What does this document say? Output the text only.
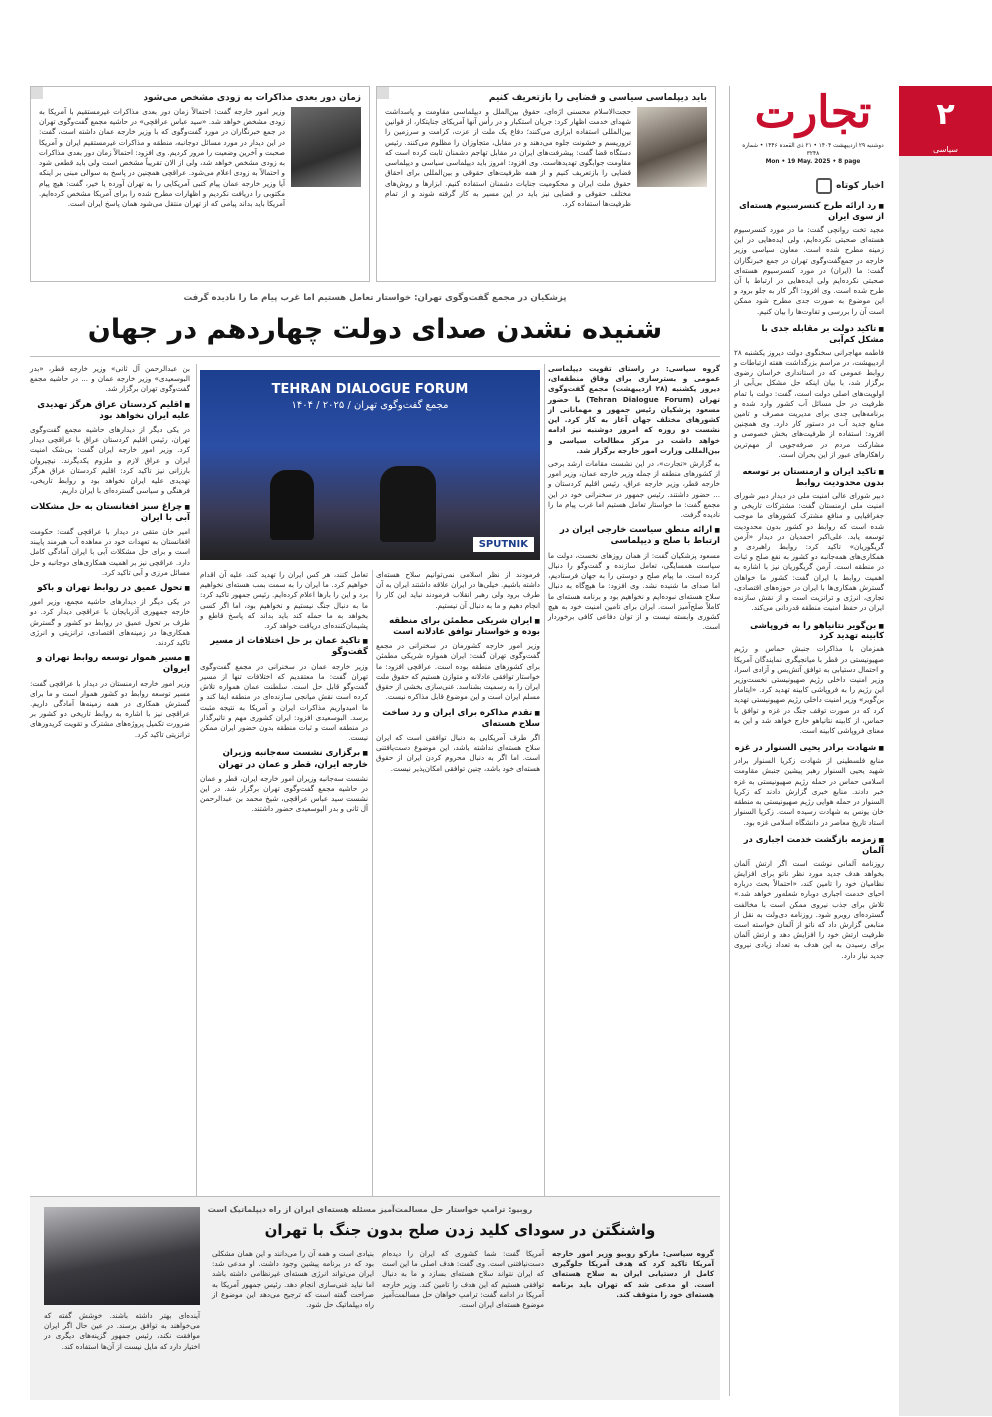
۲
سیاسی
تجارت
دوشنبه ۲۹ اردیبهشت ۱۴۰۴ • ۲۱ ذی القعده ۱۴۴۶ • شماره ۳۲۴۸
Mon • 19 May. 2025 • 8 page
اخبار کوتاه
■ رد ارائه طرح کنسرسیوم هسته‌ای از سوی ایران
مجید تخت روانچی گفت: ما در مورد کنسرسیوم هسته‌ای صحبتی نکرده‌ایم، ولی ایده‌هایی در این زمینه مطرح شده است. معاون سیاسی وزیر خارجه در جمع‌گفت‌وگوی تهران در جمع خبرنگاران گفت: ما (ایران) در مورد کنسرسیوم هسته‌ای صحبتی نکرده‌ایم ولی ایده‌هایی در ارتباط با آن طرح شده است. وی افزود: اگر کار به جلو برود و این موضوع به صورت جدی مطرح شود ممکن است آن را بررسی و تفاوت‌ها را بیان کنیم.
■ تاکید دولت بر مقابله جدی با مشکل کم‌آبی
فاطمه مهاجرانی سخنگوی دولت دیروز یکشنبه ۲۸ اردیبهشت، در مراسم بزرگداشت هفته ارتباطات و روابط عمومی که در استانداری خراسان رضوی برگزار شد، با بیان اینکه حل مشکل بی‌آبی از اولویت‌های اصلی دولت است، گفت: دولت با تمام ظرفیت در حل مسائل آب کشور وارد شده و برنامه‌هایی جدی برای مدیریت مصرف و تامین منابع جدید آب در دستور کار دارد. وی همچنین افزود: استفاده از ظرفیت‌های بخش خصوصی و مشارکت مردم در صرفه‌جویی از مهم‌ترین راهکارهای عبور از این بحران است.
■ تاکید ایران و ارمنستان بر توسعه بدون محدودیت روابط
دبیر شورای عالی امنیت ملی در دیدار دبیر شورای امنیت ملی ارمنستان گفت: مشترکات تاریخی و جغرافیایی و منافع مشترک کشورهای ما موجب شده است که روابط دو کشور بدون محدودیت توسعه یابد. علی‌اکبر احمدیان در دیدار «آرمن گریگوریان» تاکید کرد: روابط راهبردی و همکاری‌های همه‌جانبه دو کشور به نفع صلح و ثبات در منطقه است. آرمن گریگوریان نیز با اشاره به اهمیت روابط با ایران گفت: کشور ما خواهان گسترش همکاری‌ها با ایران در حوزه‌های اقتصادی، تجاری، انرژی و ترانزیت است و از نقش سازنده ایران در حفظ امنیت منطقه قدردانی می‌کند.
■ بن‌گویر نتانیاهو را به فروپاشی کابینه تهدید کرد
همزمان با مذاکرات جنبش حماس و رژیم صهیونیستی در قطر با میانجیگری نمایندگان آمریکا و احتمال دستیابی به توافق آتش‌بس و آزادی اسرا، وزیر امنیت داخلی رژیم صهیونیستی نخست‌وزیر این رژیم را به فروپاشی کابینه تهدید کرد. «ایتامار بن‌گویر» وزیر امنیت داخلی رژیم صهیونیستی تهدید کرد که در صورت توقف جنگ در غزه و توافق با حماس، از کابینه نتانیاهو خارج خواهد شد و این به معنای فروپاشی کابینه است.
■ شهادت برادر یحیی السنوار در غزه
منابع فلسطینی از شهادت زکریا السنوار برادر شهید یحیی السنوار رهبر پیشین جنبش مقاومت اسلامی حماس در حمله رژیم صهیونیستی به غزه خبر دادند. منابع خبری گزارش دادند که زکریا السنوار در حمله هوایی رژیم صهیونیستی به منطقه خان یونس به شهادت رسیده است. زکریا السنوار استاد تاریخ معاصر در دانشگاه اسلامی غزه بود.
■ زمزمه بازگشت خدمت اجباری در آلمان
روزنامه آلمانی نوشت است اگر ارتش آلمان بخواهد هدف جدید مورد نظر ناتو برای افزایش نظامیان خود را تامین کند، «احتمالاً بحث درباره احیای خدمت اجباری دوباره شعله‌ور خواهد شد.» تلاش برای جذب نیروی ممکن است با مخالفت گسترده‌ای روبرو شود. روزنامه دی‌ولت به نقل از منابعی گزارش داد که ناتو از آلمان خواسته است ظرفیت ارتش خود را افزایش دهد و ارتش آلمان برای رسیدن به این هدف به تعداد زیادی نیروی جدید نیاز دارد.
زمان دور بعدی مذاکرات به زودی مشخص می‌شود
وزیر امور خارجه گفت: احتمالاً زمان دور بعدی مذاکرات غیرمستقیم با آمریکا به زودی مشخص خواهد شد. «سید عباس عراقچی» در حاشیه مجمع گفت‌وگوی تهران در جمع خبرنگاران در مورد گفت‌وگوی که با وزیر خارجه عمان داشته است، گفت: در این دیدار در مورد مسائل دوجانبه، منطقه و مذاکرات غیرمستقیم ایران و آمریکا صحبت و آخرین وضعیت را مرور کردیم. وی افزود: احتمالاً زمان دور بعدی مذاکرات به زودی مشخص خواهد شد، ولی از الان تقریباً مشخص است ولی باید قطعی شود و احتمالاً به زودی اعلام می‌شود. عراقچی همچنین در پاسخ به سوالی مبنی بر اینکه آیا وزیر خارجه عمان پیام کتبی آمریکایی را به تهران آورده یا خیر، گفت: هیچ پیام مکتوبی را دریافت نکردیم و اظهارات مطرح شده را برای آمریکا مشخص کرده‌ایم. آمریکا باید بداند پیامی که از تهران منتقل می‌شود همان پاسخ ایران است.
باید دیپلماسی سیاسی و قضایی را بازتعریف کنیم
حجت‌الاسلام محسنی اژه‌ای، حقوق بین‌الملل و دیپلماسی مقاومت و پاسداشت شهدای خدمت اظهار کرد: جریان استکبار و در رأس آنها آمریکای جنایتکار، از قوانین بین‌المللی استفاده ابزاری می‌کنند؛ دفاع یک ملت از عزت، کرامت و سرزمین را تروریسم و خشونت جلوه می‌دهند و در مقابل، متجاوزان را مظلوم می‌کنند. رئیس دستگاه قضا گفت: پیشرفت‌های ایران در مقابل تهاجم دشمنان ثابت کرده است که مقاومت جوابگوی تهدیدهاست. وی افزود: امروز باید دیپلماسی سیاسی و دیپلماسی قضایی را بازتعریف کنیم و از همه ظرفیت‌های حقوقی و بین‌المللی برای احقاق حقوق ملت ایران و محکومیت جنایات دشمنان استفاده کنیم. ابزارها و روش‌های مختلف حقوقی و قضایی نیز باید در این مسیر به کار گرفته شوند و از تمام ظرفیت‌ها استفاده کرد.
پزشکیان در مجمع گفت‌وگوی تهران: خواستار تعامل هستیم اما غرب پیام ما را نادیده گرفت
شنیده نشدن صدای دولت چهاردهم در جهان
TEHRAN DIALOGUE FORUM
مجمع گفت‌وگوی تهران / ۲۰۲۵ / ۱۴۰۴
SPUTNIK
گروه سیاسی: در راستای تقویت دیپلماسی عمومی و بسترسازی برای وفاق منطقه‌ای، دیروز یکشنبه (۲۸ اردیبهشت) مجمع گفت‌وگوی تهران (Tehran Dialogue Forum) با حضور مسعود پزشکیان رئیس جمهور و مهمانانی از کشورهای مختلف جهان آغاز به کار کرد. این نشست دو روزه که امروز دوشنبه نیز ادامه خواهد داشت در مرکز مطالعات سیاسی و بین‌المللی وزارت امور خارجه برگزار شد.
به گزارش «تجارت»، در این نشست مقامات ارشد برخی از کشورهای منطقه از جمله وزیر خارجه عمان، وزیر امور خارجه قطر، وزیر خارجه عراق، رئیس اقلیم کردستان و ... حضور داشتند. رئیس جمهور در سخنرانی خود در این مجمع گفت: ما خواستار تعامل هستیم اما غرب پیام ما را نادیده گرفت.
■ ارائه منطق سیاست خارجی ایران در ارتباط با صلح و دیپلماسی
مسعود پزشکیان گفت: از همان روزهای نخست، دولت ما سیاست همسایگی، تعامل سازنده و گفت‌وگو را دنبال کرده است. ما پیام صلح و دوستی را به جهان فرستادیم، اما صدای ما شنیده نشد. وی افزود: ما هیچ‌گاه به دنبال سلاح هسته‌ای نبوده‌ایم و نخواهیم بود و برنامه هسته‌ای ما کاملاً صلح‌آمیز است. ایران برای تامین امنیت خود به هیچ کشوری وابسته نیست و از توان دفاعی کافی برخوردار است.
فرمودند از نظر اسلامی نمی‌توانیم سلاح هسته‌ای داشته باشیم. خیلی‌ها در ایران علاقه داشتند ایران به آن طرف برود ولی رهبر انقلاب فرمودند نباید این کار را انجام دهیم و ما به دنبال آن نیستیم.
■ ایران شریکی مطمئن برای منطقه بوده و خواستار توافق عادلانه است
وزیر امور خارجه کشورمان در سخنرانی در مجمع گفت‌وگوی تهران گفت: ایران همواره شریکی مطمئن برای کشورهای منطقه بوده است. عراقچی افزود: ما خواستار توافقی عادلانه و متوازن هستیم که حقوق ملت ایران را به رسمیت بشناسد. غنی‌سازی بخشی از حقوق مسلم ایران است و این موضوع قابل مذاکره نیست.
■ تقدم مذاکره برای ایران و رد ساخت سلاح هسته‌ای
اگر طرف آمریکایی به دنبال توافقی است که ایران سلاح هسته‌ای نداشته باشد، این موضوع دست‌یافتنی است. اما اگر به دنبال محروم کردن ایران از حقوق هسته‌ای خود باشد، چنین توافقی امکان‌پذیر نیست.
تعامل کنند، هر کس ایران را تهدید کند، علیه آن اقدام خواهیم کرد. ما ایران را به سمت بمب هسته‌ای نخواهیم برد و این را بارها اعلام کرده‌ایم. رئیس جمهور تاکید کرد: ما به دنبال جنگ نیستیم و نخواهیم بود، اما اگر کسی بخواهد به ما حمله کند باید بداند که پاسخ قاطع و پشیمان‌کننده‌ای دریافت خواهد کرد.
■ تاکید عمان بر حل اختلافات از مسیر گفت‌وگو
وزیر خارجه عمان در سخنرانی در مجمع گفت‌وگوی تهران گفت: ما معتقدیم که اختلافات تنها از مسیر گفت‌وگو قابل حل است. سلطنت عمان همواره تلاش کرده است نقش میانجی سازنده‌ای در منطقه ایفا کند و ما امیدواریم مذاکرات ایران و آمریکا به نتیجه مثبت برسد. البوسعیدی افزود: ایران کشوری مهم و تاثیرگذار در منطقه است و ثبات منطقه بدون حضور ایران ممکن نیست.
■ برگزاری نشست سه‌جانبه وزیران خارجه ایران، قطر و عمان در تهران
نشست سه‌جانبه وزیران امور خارجه ایران، قطر و عمان در حاشیه مجمع گفت‌وگوی تهران برگزار شد. در این نشست سید عباس عراقچی، شیخ محمد بن عبدالرحمن آل ثانی و بدر البوسعیدی حضور داشتند.
بن عبدالرحمن آل ثانی» وزیر خارجه قطر، «بدر البوسعیدی» وزیر خارجه عمان و ... در حاشیه مجمع گفت‌وگوی تهران برگزار شد.
■ اقلیم کردستان عراق هرگز تهدیدی علیه ایران نخواهد بود
در یکی دیگر از دیدارهای حاشیه مجمع گفت‌وگوی تهران، رئیس اقلیم کردستان عراق با عراقچی دیدار کرد. وزیر امور خارجه ایران گفت: بی‌شک امنیت ایران و عراق لازم و ملزوم یکدیگرند. نیچیروان بارزانی نیز تاکید کرد: اقلیم کردستان عراق هرگز تهدیدی علیه ایران نخواهد بود و روابط تاریخی، فرهنگی و سیاسی گسترده‌ای با ایران داریم.
■ چراغ سبز افغانستان به حل مشکلات آبی با ایران
امیر خان متقی در دیدار با عراقچی گفت: حکومت افغانستان به تعهدات خود در معاهده آب هیرمند پایبند است و برای حل مشکلات آبی با ایران آمادگی کامل دارد. عراقچی نیز بر اهمیت همکاری‌های دوجانبه و حل مسائل مرزی و آبی تاکید کرد.
■ تحول عمیق در روابط تهران و باکو
در یکی دیگر از دیدارهای حاشیه مجمع، وزیر امور خارجه جمهوری آذربایجان با عراقچی دیدار کرد. دو طرف بر تحول عمیق در روابط دو کشور و گسترش همکاری‌ها در زمینه‌های اقتصادی، ترانزیتی و انرژی تاکید کردند.
■ مسیر هموار توسعه روابط تهران و ایروان
وزیر امور خارجه ارمنستان در دیدار با عراقچی گفت: مسیر توسعه روابط دو کشور هموار است و ما برای گسترش همکاری در همه زمینه‌ها آمادگی داریم. عراقچی نیز با اشاره به روابط تاریخی دو کشور بر ضرورت تکمیل پروژه‌های مشترک و تقویت کریدورهای ترانزیتی تاکید کرد.
روبیو: ترامپ خواستار حل مسالمت‌آمیز مسئله هسته‌ای ایران از راه دیپلماتیک است
واشنگتن در سودای کلید زدن صلح بدون جنگ با تهران
گروه سیاسی: مارکو روبیو وزیر امور خارجه آمریکا تاکید کرد که هدف آمریکا جلوگیری کامل از دستیابی ایران به سلاح هسته‌ای است. او مدعی شد که تهران باید برنامه هسته‌ای خود را متوقف کند.
آمریکا گفت: شما کشوری که ایران را دیده‌ام دست‌نیافتنی است. وی گفت: هدف اصلی ما این است که ایران نتواند سلاح هسته‌ای بسازد و ما به دنبال توافقی هستیم که این هدف را تامین کند. وزیر خارجه آمریکا در ادامه گفت: ترامپ خواهان حل مسالمت‌آمیز موضوع هسته‌ای ایران است.
بنیادی است و همه آن را می‌دانند و این همان مشکلی بود که در برنامه پیشین وجود داشت. او مدعی شد: ایران می‌تواند انرژی هسته‌ای غیرنظامی داشته باشد اما نباید غنی‌سازی انجام دهد. رئیس جمهور آمریکا به صراحت گفته است که ترجیح می‌دهد این موضوع از راه دیپلماتیک حل شود.
آینده‌ای بهتر داشته باشند. خوشش گفته که می‌خواهند به توافق برسند. در عین حال اگر ایران موافقت نکند، رئیس جمهور گزینه‌های دیگری در اختیار دارد که مایل نیست از آن‌ها استفاده کند.
